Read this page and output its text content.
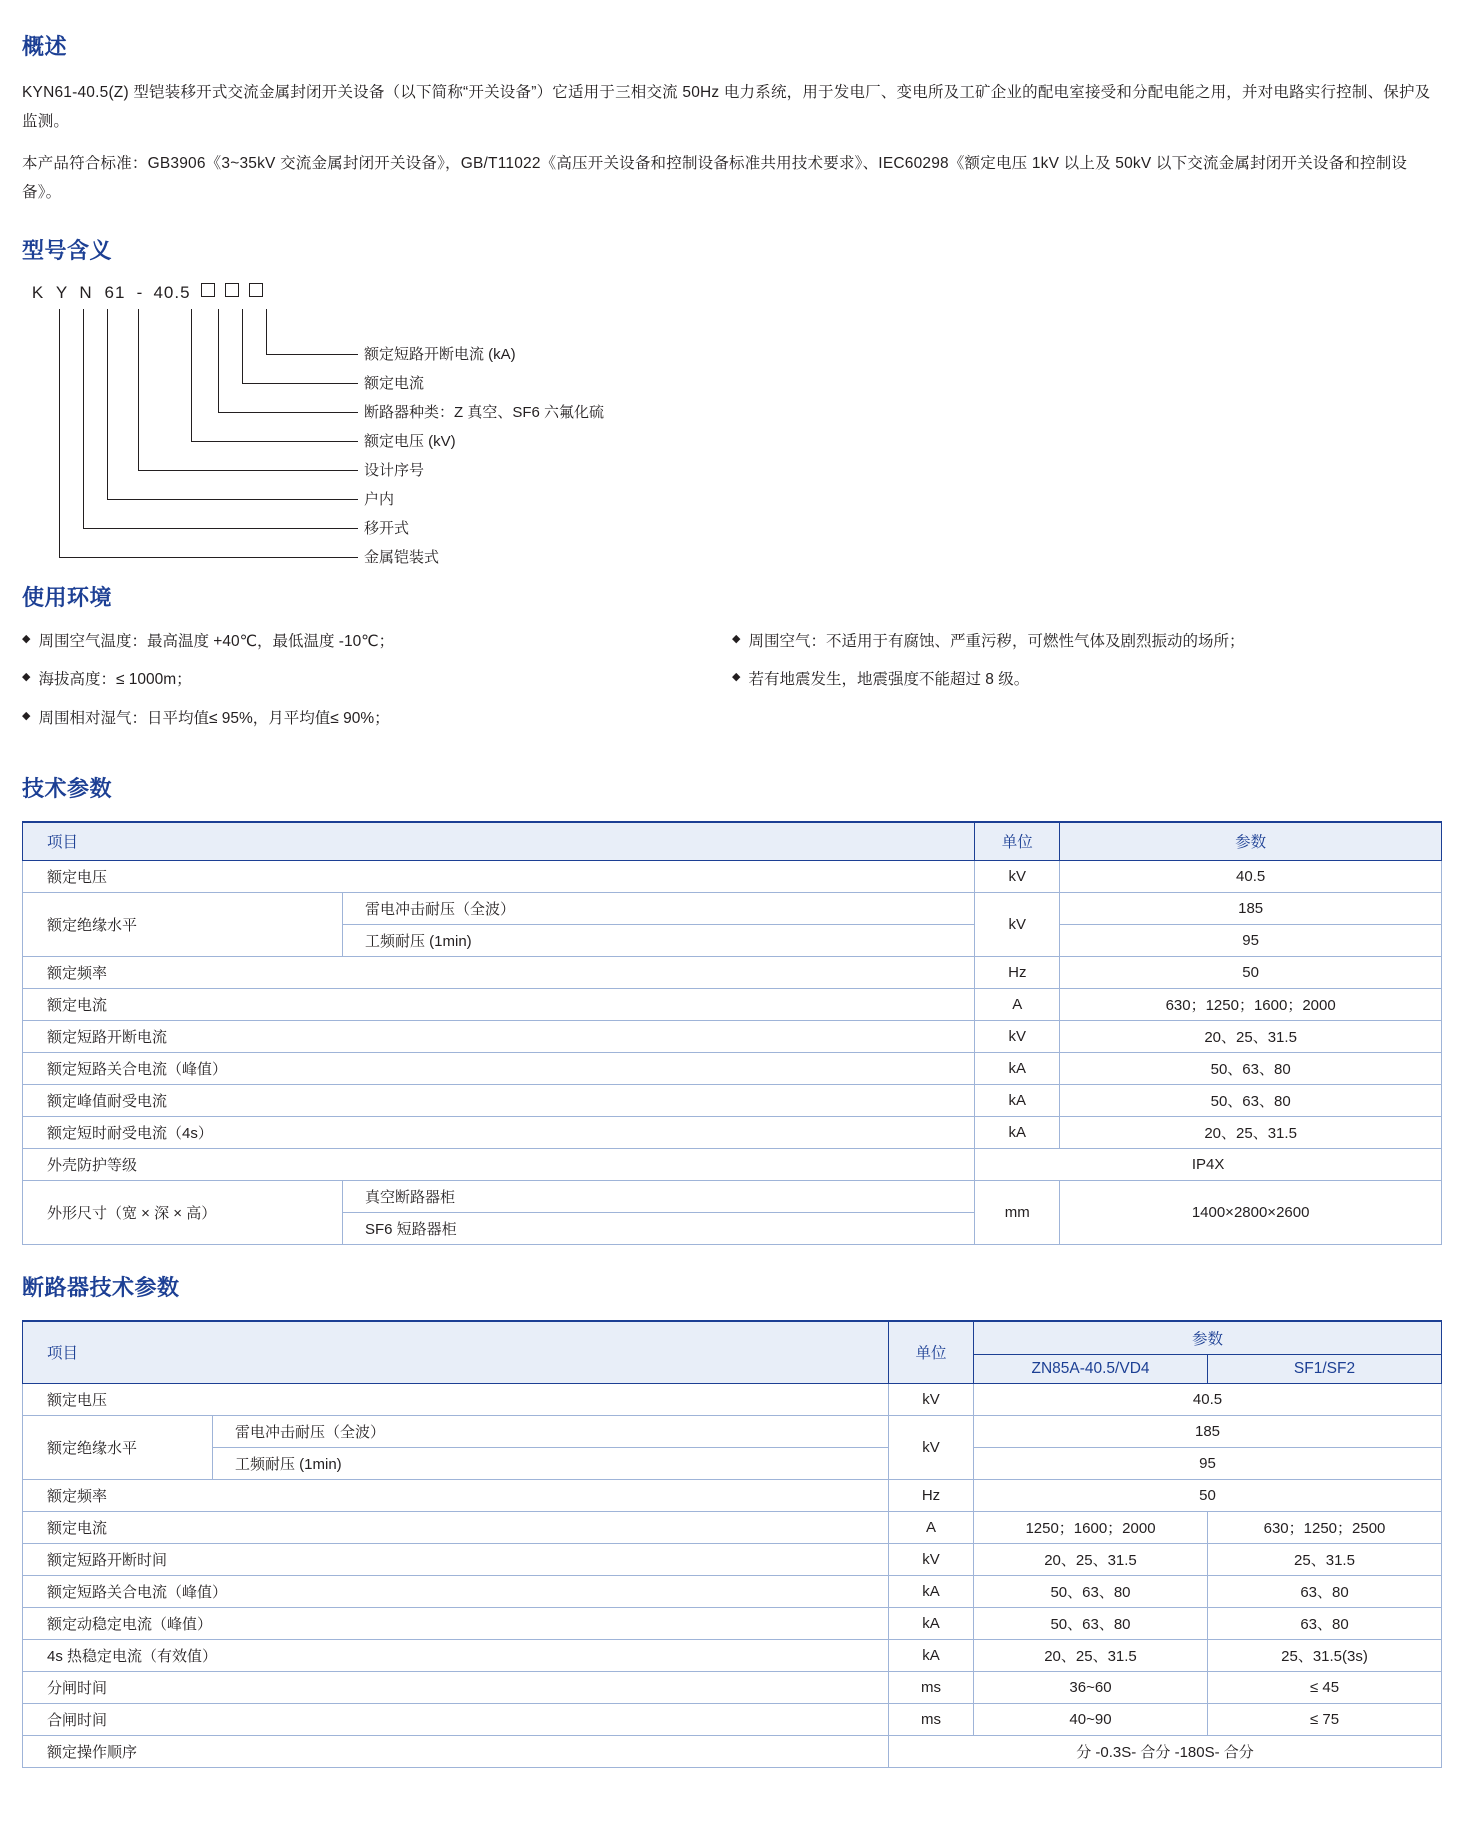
概述

KYN61-40.5(Z) 型铠装移开式交流金属封闭开关设备（以下简称“开关设备”）它适用于三相交流 50Hz 电力系统，用于发电厂、变电所及工矿企业的配电室接受和分配电能之用，并对电路实行控制、保护及监测。

本产品符合标准：GB3906《3~35kV 交流金属封闭开关设备》，GB/T11022《高压开关设备和控制设备标准共用技术要求》、IEC60298《额定电压 1kV 以上及 50kV 以下交流金属封闭开关设备和控制设备》。

型号含义
K Y N 61 - 40.5
额定短路开断电流 (kA)
额定电流
断路器种类：Z 真空、SF6 六氟化硫
额定电压 (kV)
设计序号
户内
移开式
金属铠装式
使用环境
◆ 周围空气温度：最高温度 +40℃，最低温度 -10℃；
◆ 海拔高度：≤ 1000m；
◆ 周围相对湿气：日平均值≤ 95%，月平均值≤ 90%；
◆ 周围空气：不适用于有腐蚀、严重污秽，可燃性气体及剧烈振动的场所；
◆ 若有地震发生，地震强度不能超过 8 级。
技术参数
项目		单位	参数
额定电压		kV	40.5
额定绝缘水平	雷电冲击耐压（全波）	kV	185
	工频耐压 (1min)		95
额定频率		Hz	50
额定电流		A	630；1250；1600；2000
额定短路开断电流		kV	20、25、31.5
额定短路关合电流（峰值）		kA	50、63、80
额定峰值耐受电流		kA	50、63、80
额定短时耐受电流（4s）		kA	20、25、31.5
外壳防护等级		IP4X	
外形尺寸（宽 × 深 × 高）	真空断路器柜	mm	1400×2800×2600
	SF6 短路器柜		
断路器技术参数
项目		单位	参数	
			ZN85A-40.5/VD4	SF1/SF2
额定电压		kV	40.5	
额定绝缘水平	雷电冲击耐压（全波）	kV	185	
	工频耐压 (1min)		95	
额定频率		Hz	50	
额定电流		A	1250；1600；2000	630；1250；2500
额定短路开断时间		kV	20、25、31.5	25、31.5
额定短路关合电流（峰值）		kA	50、63、80	63、80
额定动稳定电流（峰值）		kA	50、63、80	63、80
4s 热稳定电流（有效值）		kA	20、25、31.5	25、31.5(3s)
分闸时间		ms	36~60	≤ 45
合闸时间		ms	40~90	≤ 75
额定操作顺序		分 -0.3S- 合分 -180S- 合分		
